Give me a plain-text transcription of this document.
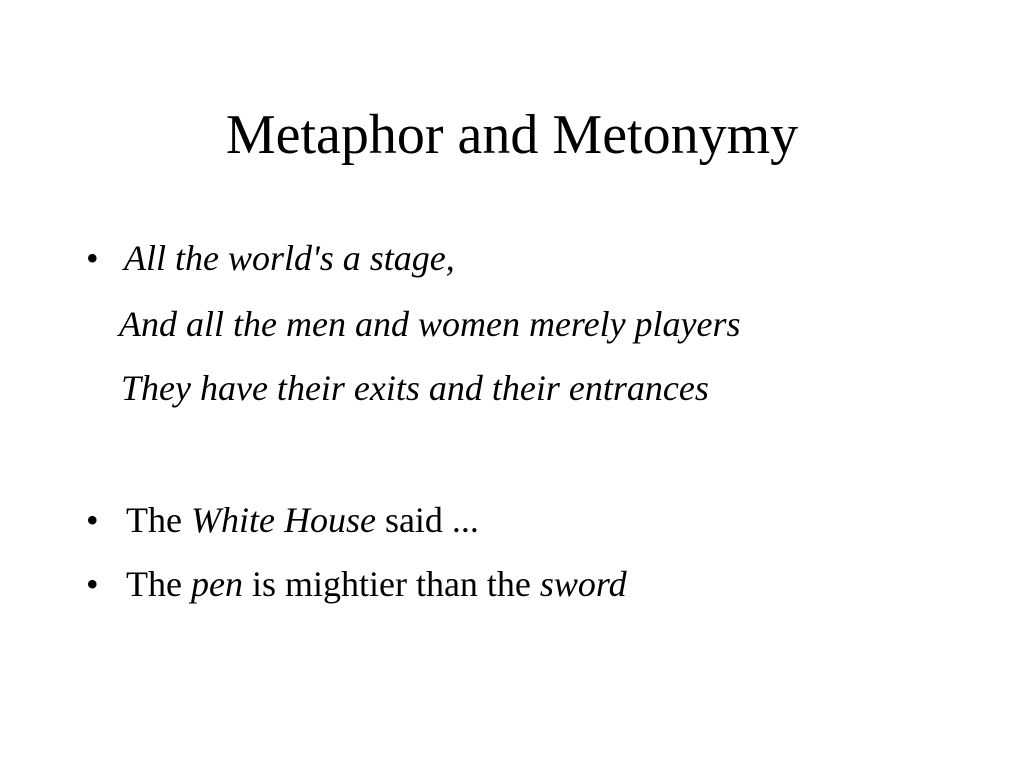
Metaphor and Metonymy
• All the world's a stage,
And all the men and women merely players
They have their exits and their entrances
• The White House said ...
• The pen is mightier than the sword
